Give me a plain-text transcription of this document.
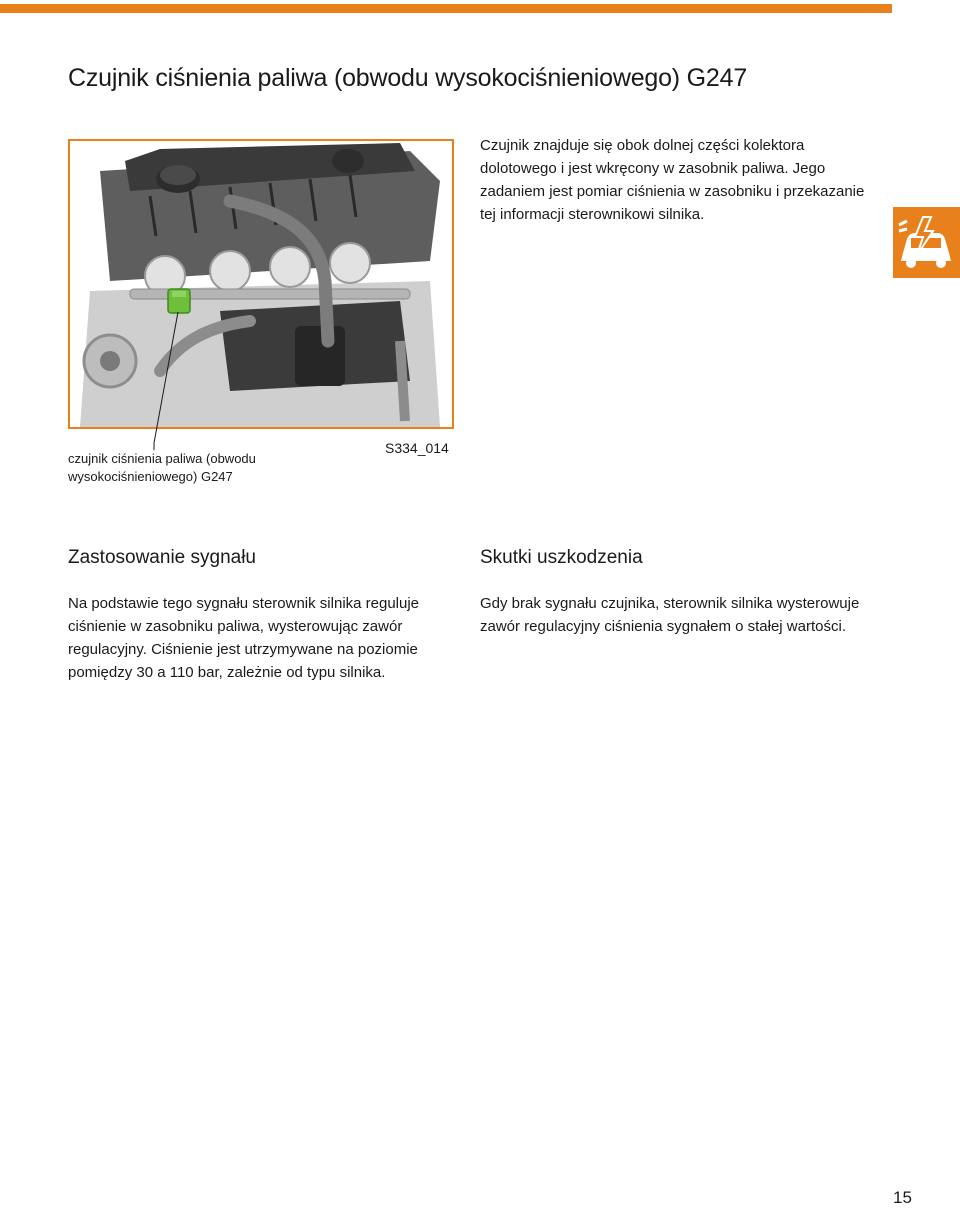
Czujnik ciśnienia paliwa (obwodu wysokociśnieniowego) G247

Czujnik znajduje się obok dolnej części kolektora dolotowego i jest wkręcony w zasobnik paliwa. Jego zadaniem jest pomiar ciśnienia w zasobniku i przekazanie tej informacji sterownikowi silnika.

czujnik ciśnienia paliwa (obwodu wysokociśnieniowego) G247
S334_014
Zastosowanie sygnału

Na podstawie tego sygnału sterownik silnika reguluje ciśnienie w zasobniku paliwa, wysterowując zawór regulacyjny. Ciśnienie jest utrzymywane na poziomie pomiędzy 30 a 110 bar, zależnie od typu silnika.

Skutki uszkodzenia

Gdy brak sygnału czujnika, sterownik silnika wysterowuje zawór regulacyjny ciśnienia sygnałem o stałej wartości.

15
